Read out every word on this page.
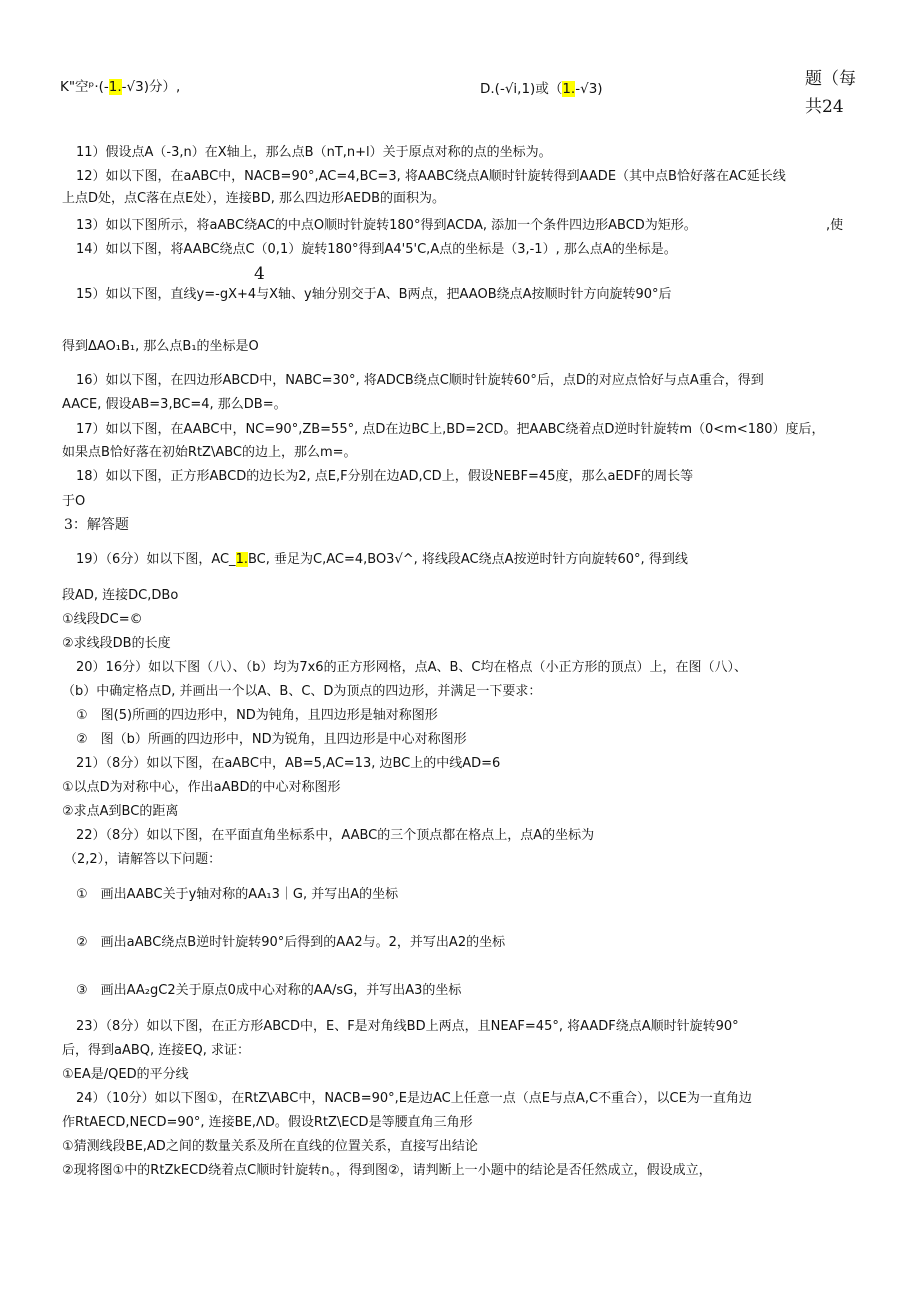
K"空ᵖ·(-1.-√3)分）,	D.(-√i,1)或（1.-√3)	题（每
共24
11）假设点A（-3,n）在X轴上，那么点B（nT,n+l）关于原点对称的点的坐标为。
12）如以下图，在aABC中，NACB=90°,AC=4,BC=3, 将AABC绕点A顺时针旋转得到AADE（其中点B恰好落在AC延长线
上点D处，点C落在点E处），连接BD, 那么四边形AEDB的面积为。
13）如以下图所示，将aABC绕AC的中点O顺时针旋转180°得到ACDA, 添加一个条件四边形ABCD为矩形。	,使
14）如以下图，将AABC绕点C（0,1）旋转180°得到A4'5'C,A点的坐标是（3,-1）, 那么点A的坐标是。
4
15）如以下图，直线y=-gX+4与X轴、y轴分别交于A、B两点，把AAOB绕点A按顺时针方向旋转90°后
得到ΔAO₁B₁, 那么点B₁的坐标是O
16）如以下图，在四边形ABCD中，NABC=30°, 将ADCB绕点C顺时针旋转60°后，点D的对应点恰好与点A重合，得到
AACE, 假设AB=3,BC=4, 那么DB=。
17）如以下图，在AABC中，NC=90°,ZB=55°, 点D在边BC上,BD=2CD。把AABC绕着点D逆时针旋转m（0<m<180）度后，
如果点B恰好落在初始RtZ\ABC的边上，那么m=。
18）如以下图，正方形ABCD的边长为2, 点E,F分别在边AD,CD上，假设NEBF=45度，那么aEDF的周长等
于O
3：解答题
19）（6分）如以下图，AC_1.BC, 垂足为C,AC=4,BO3√^, 将线段AC绕点A按逆时针方向旋转60°, 得到线
段AD, 连接DC,DBo
①线段DC=©
②求线段DB的长度
20）16分）如以下图（八）、（b）均为7x6的正方形网格，点A、B、C均在格点（小正方形的顶点）上，在图（八）、
（b）中确定格点D, 并画出一个以A、B、C、D为顶点的四边形，并满足一下要求：
①　图(5)所画的四边形中，ND为钝角，且四边形是轴对称图形
②　图（b）所画的四边形中，ND为锐角，且四边形是中心对称图形
21）（8分）如以下图，在aABC中，AB=5,AC=13, 边BC上的中线AD=6
①以点D为对称中心，作出aABD的中心对称图形
②求点A到BC的距离
22）（8分）如以下图，在平面直角坐标系中，AABC的三个顶点都在格点上，点A的坐标为
（2,2），请解答以下问题：
①　画出AABC关于y轴对称的AA₁3｜G, 并写出A的坐标
②　画出aABC绕点B逆时针旋转90°后得到的AA2与。2，并写出A2的坐标
③　画出AA₂gC2关于原点0成中心对称的AA/sG，并写出A3的坐标
23）（8分）如以下图，在正方形ABCD中，E、F是对角线BD上两点，且NEAF=45°, 将AADF绕点A顺时针旋转90°
后，得到aABQ, 连接EQ, 求证：
①EA是/QED的平分线
24）（10分）如以下图①，在RtZ\ABC中，NACB=90°,E是边AC上任意一点（点E与点A,C不重合），以CE为一直角边
作RtAECD,NECD=90°, 连接BE,ΛD。假设RtZ\ECD是等腰直角三角形
①猜测线段BE,AD之间的数量关系及所在直线的位置关系，直接写出结论
②现将图①中的RtZkECD绕着点C顺时针旋转n。，得到图②，请判断上一小题中的结论是否任然成立，假设成立，
